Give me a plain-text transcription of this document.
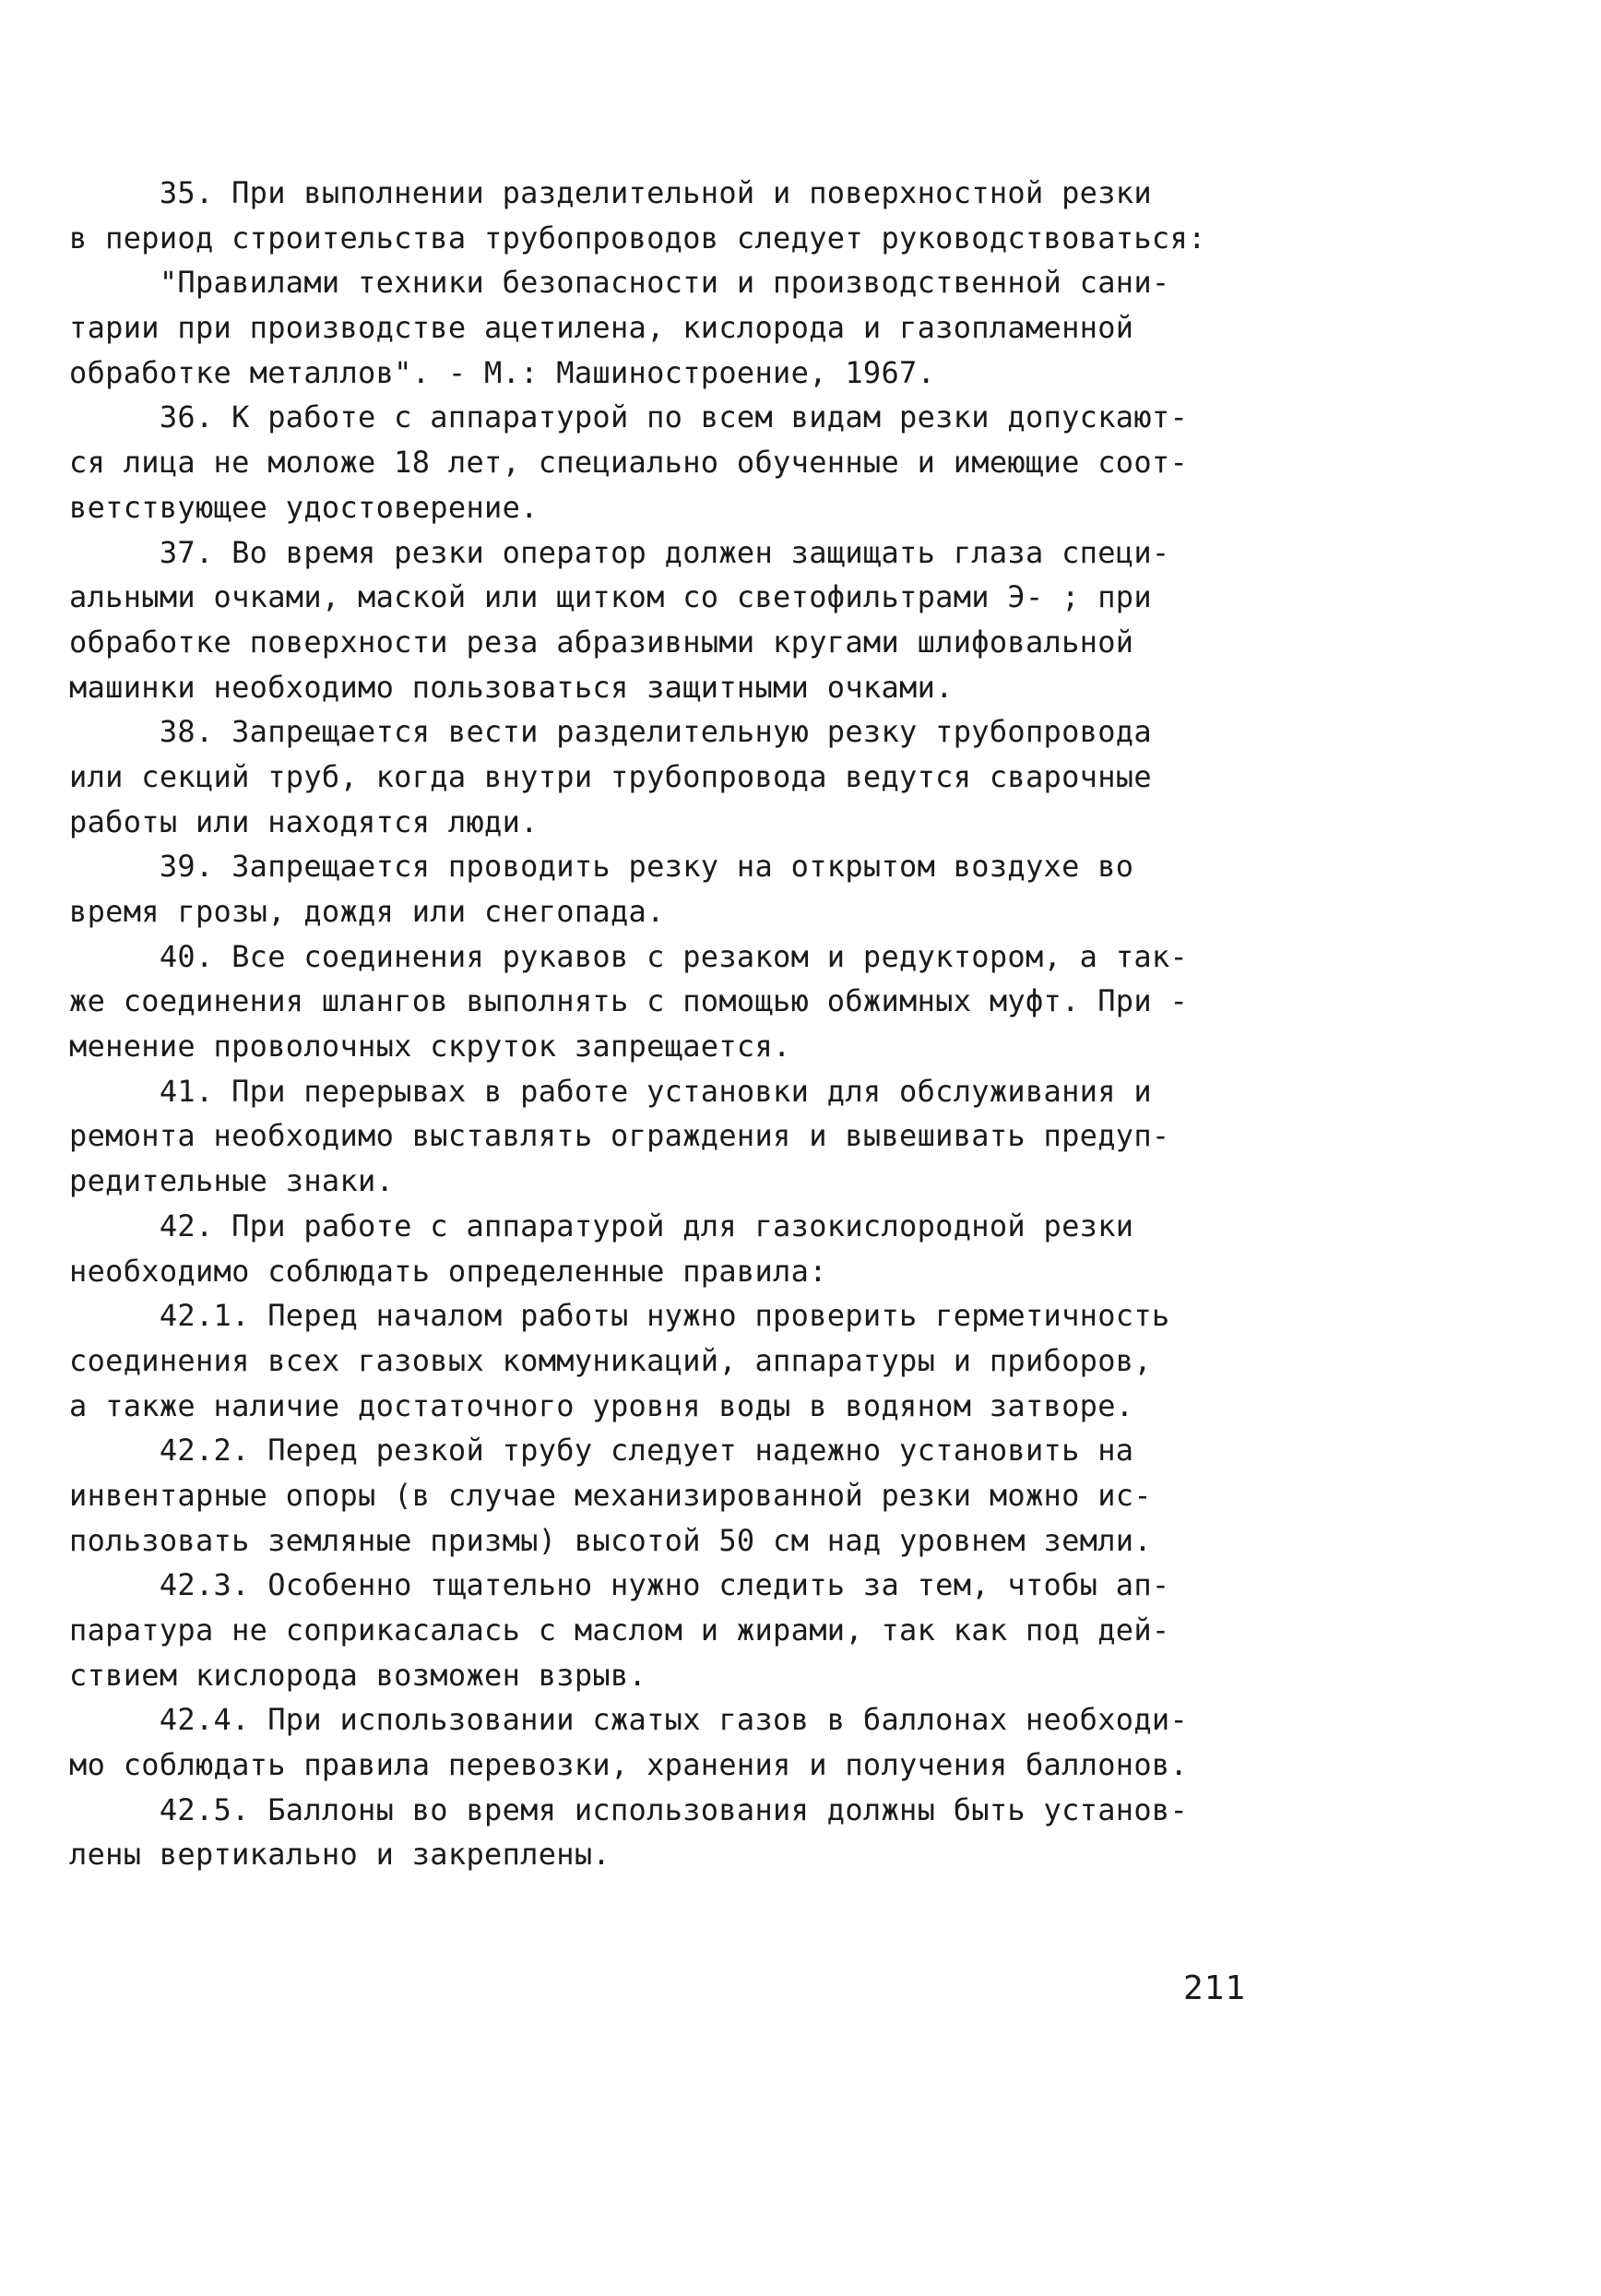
35. При выполнении разделительной и поверхностной резки
в период строительства трубопроводов следует руководствоваться:
"Правилами техники безопасности и производственной сани-
тарии при производстве ацетилена, кислорода и газопламенной
обработке металлов". - М.: Машиностроение, 1967.
36. К работе с аппаратурой по всем видам резки допускают-
ся лица не моложе 18 лет, специально обученные и имеющие соот-
ветствующее удостоверение.
37. Во время резки оператор должен защищать глаза специ-
альными очками, маской или щитком со светофильтрами Э- ; при
обработке поверхности реза абразивными кругами шлифовальной
машинки необходимо пользоваться защитными очками.
38. Запрещается вести разделительную резку трубопровода
или секций труб, когда внутри трубопровода ведутся сварочные
работы или находятся люди.
39. Запрещается проводить резку на открытом воздухе во
время грозы, дождя или снегопада.
40. Все соединения рукавов с резаком и редуктором, а так-
же соединения шлангов выполнять с помощью обжимных муфт. При -
менение проволочных скруток запрещается.
41. При перерывах в работе установки для обслуживания и
ремонта необходимо выставлять ограждения и вывешивать предуп-
редительные знаки.
42. При работе с аппаратурой для газокислородной резки
необходимо соблюдать определенные правила:
42.1. Перед началом работы нужно проверить герметичность
соединения всех газовых коммуникаций, аппаратуры и приборов,
а также наличие достаточного уровня воды в водяном затворе.
42.2. Перед резкой трубу следует надежно установить на
инвентарные опоры (в случае механизированной резки можно ис-
пользовать земляные призмы) высотой 50 см над уровнем земли.
42.3. Особенно тщательно нужно следить за тем, чтобы ап-
паратура не соприкасалась с маслом и жирами, так как под дей-
ствием кислорода возможен взрыв.
42.4. При использовании сжатых газов в баллонах необходи-
мо соблюдать правила перевозки, хранения и получения баллонов.
42.5. Баллоны во время использования должны быть установ-
лены вертикально и закреплены.
211
